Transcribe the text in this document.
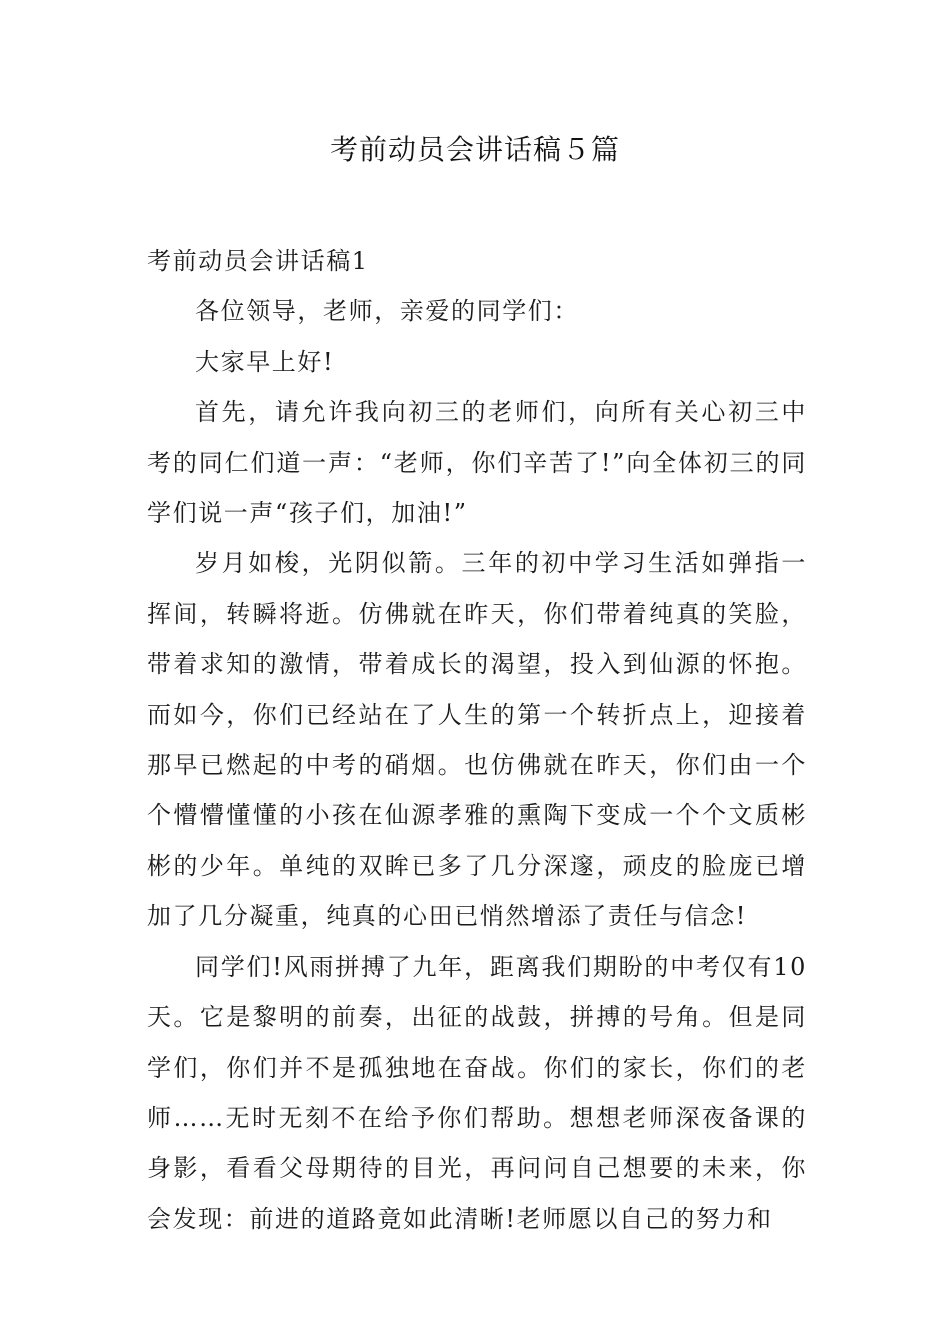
考前动员会讲话稿５篇

考前动员会讲话稿1

各位领导，老师，亲爱的同学们：

大家早上好!

首先，请允许我向初三的老师们，向所有关心初三中考的同仁们道一声：“老师，你们辛苦了!”向全体初三的同学们说一声“孩子们，加油!”

岁月如梭，光阴似箭。三年的初中学习生活如弹指一挥间，转瞬将逝。仿佛就在昨天，你们带着纯真的笑脸，带着求知的激情，带着成长的渴望，投入到仙源的怀抱。而如今，你们已经站在了人生的第一个转折点上，迎接着那早已燃起的中考的硝烟。也仿佛就在昨天，你们由一个个懵懵懂懂的小孩在仙源孝雅的熏陶下变成一个个文质彬彬的少年。单纯的双眸已多了几分深邃，顽皮的脸庞已增加了几分凝重，纯真的心田已悄然增添了责任与信念!

同学们!风雨拼搏了九年，距离我们期盼的中考仅有10天。它是黎明的前奏，出征的战鼓，拼搏的号角。但是同学们，你们并不是孤独地在奋战。你们的家长，你们的老师……无时无刻不在给予你们帮助。想想老师深夜备课的身影，看看父母期待的目光，再问问自己想要的未来，你会发现：前进的道路竟如此清晰!老师愿以自己的努力和
